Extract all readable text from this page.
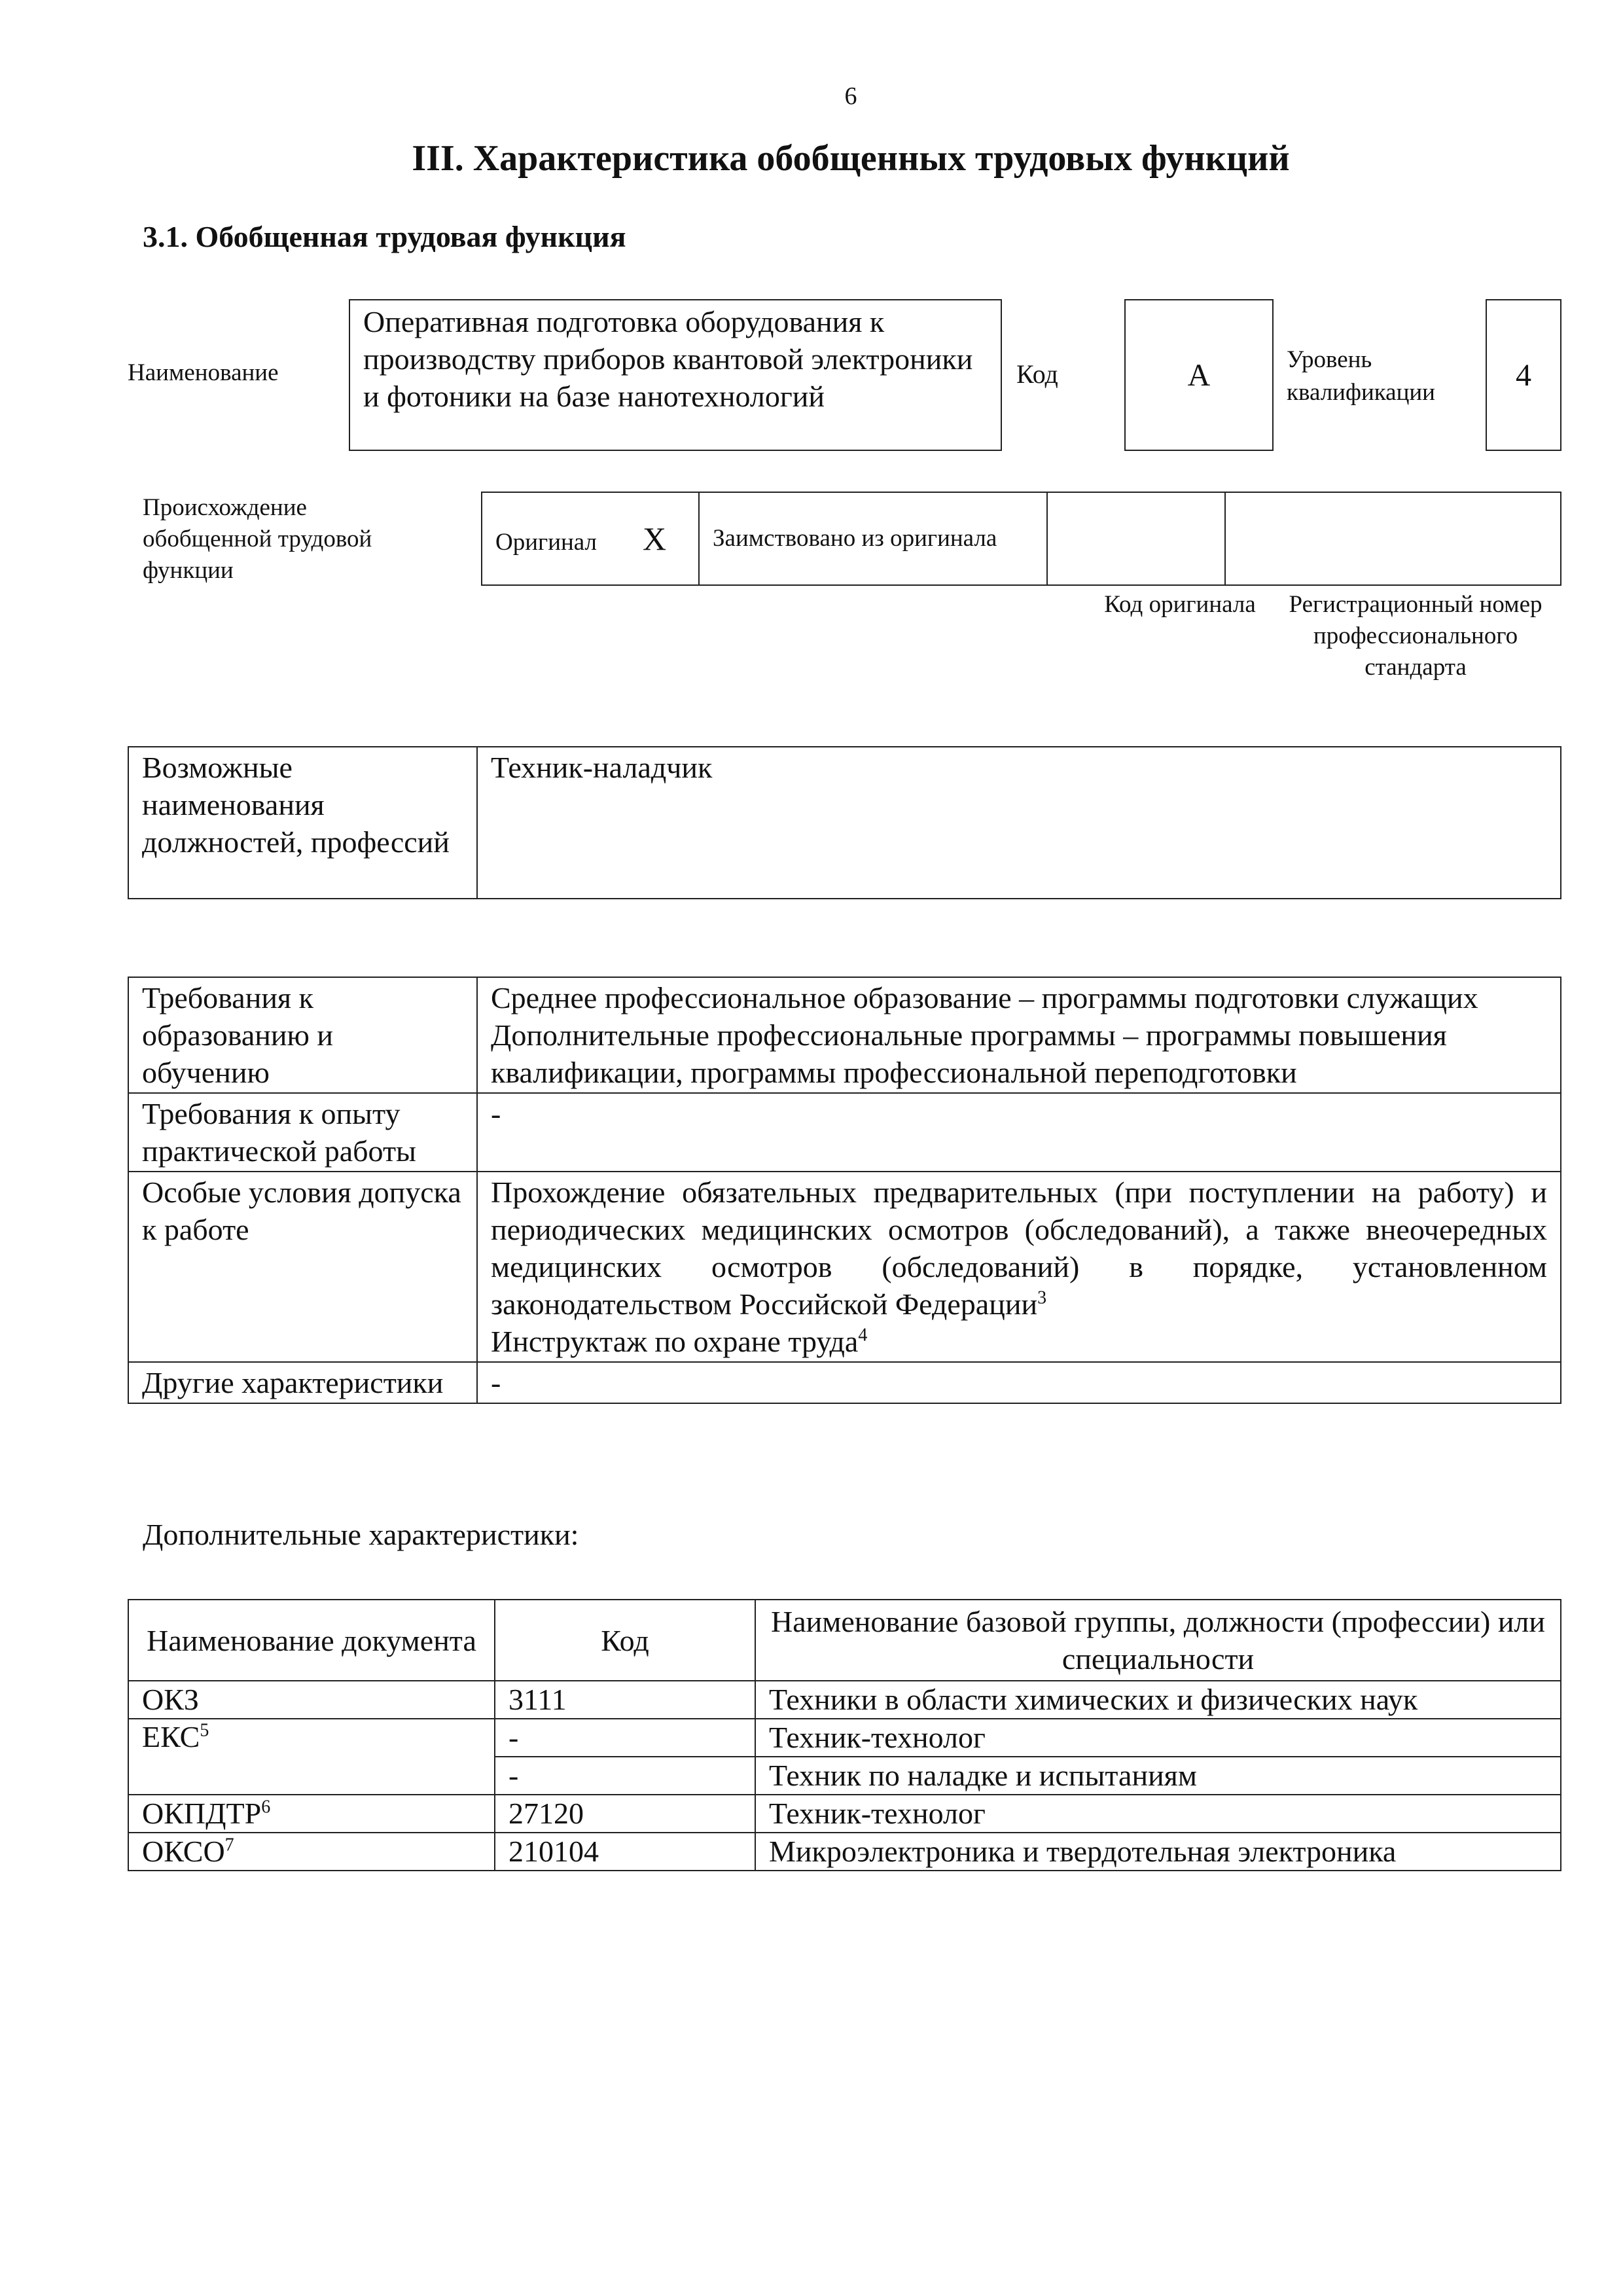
6
III. Характеристика обобщенных трудовых функций
3.1. Обобщенная трудовая функция
Наименование
Оперативная подготовка оборудования к производству приборов квантовой электроники и фотоники на базе нанотехнологий
Код	A	Уровень квалификации	4
Происхождение обобщенной трудовой функции
Оригинал X	Заимствовано из оригинала		
Код оригинала	Регистрационный номер профессионального стандарта
Возможные наименования должностей, профессий	Техник-наладчик
Требования к образованию и обучению	Среднее профессиональное образование – программы подготовки служащих
Дополнительные профессиональные программы – программы повышения квалификации, программы профессиональной переподготовки

Требования к опыту практической работы	-
Особые условия допуска к работе	Прохождение обязательных предварительных (при поступлении на работу) и периодических медицинских осмотров (обследований), а также внеочередных медицинских осмотров (обследований) в порядке, установленном законодательством Российской Федерации$^3$
Инструктаж по охране труда$^4$

Другие характеристики	-
Дополнительные характеристики:
Наименование документа	Код	Наименование базовой группы, должности (профессии) или специальности
ОКЗ	3111	Техники в области химических и физических наук
ЕКС$^5$	-	Техник-технолог
	-	Техник по наладке и испытаниям
ОКПДТР$^6$	27120	Техник-технолог
ОКСО$^7$	210104	Микроэлектроника и твердотельная электроника
